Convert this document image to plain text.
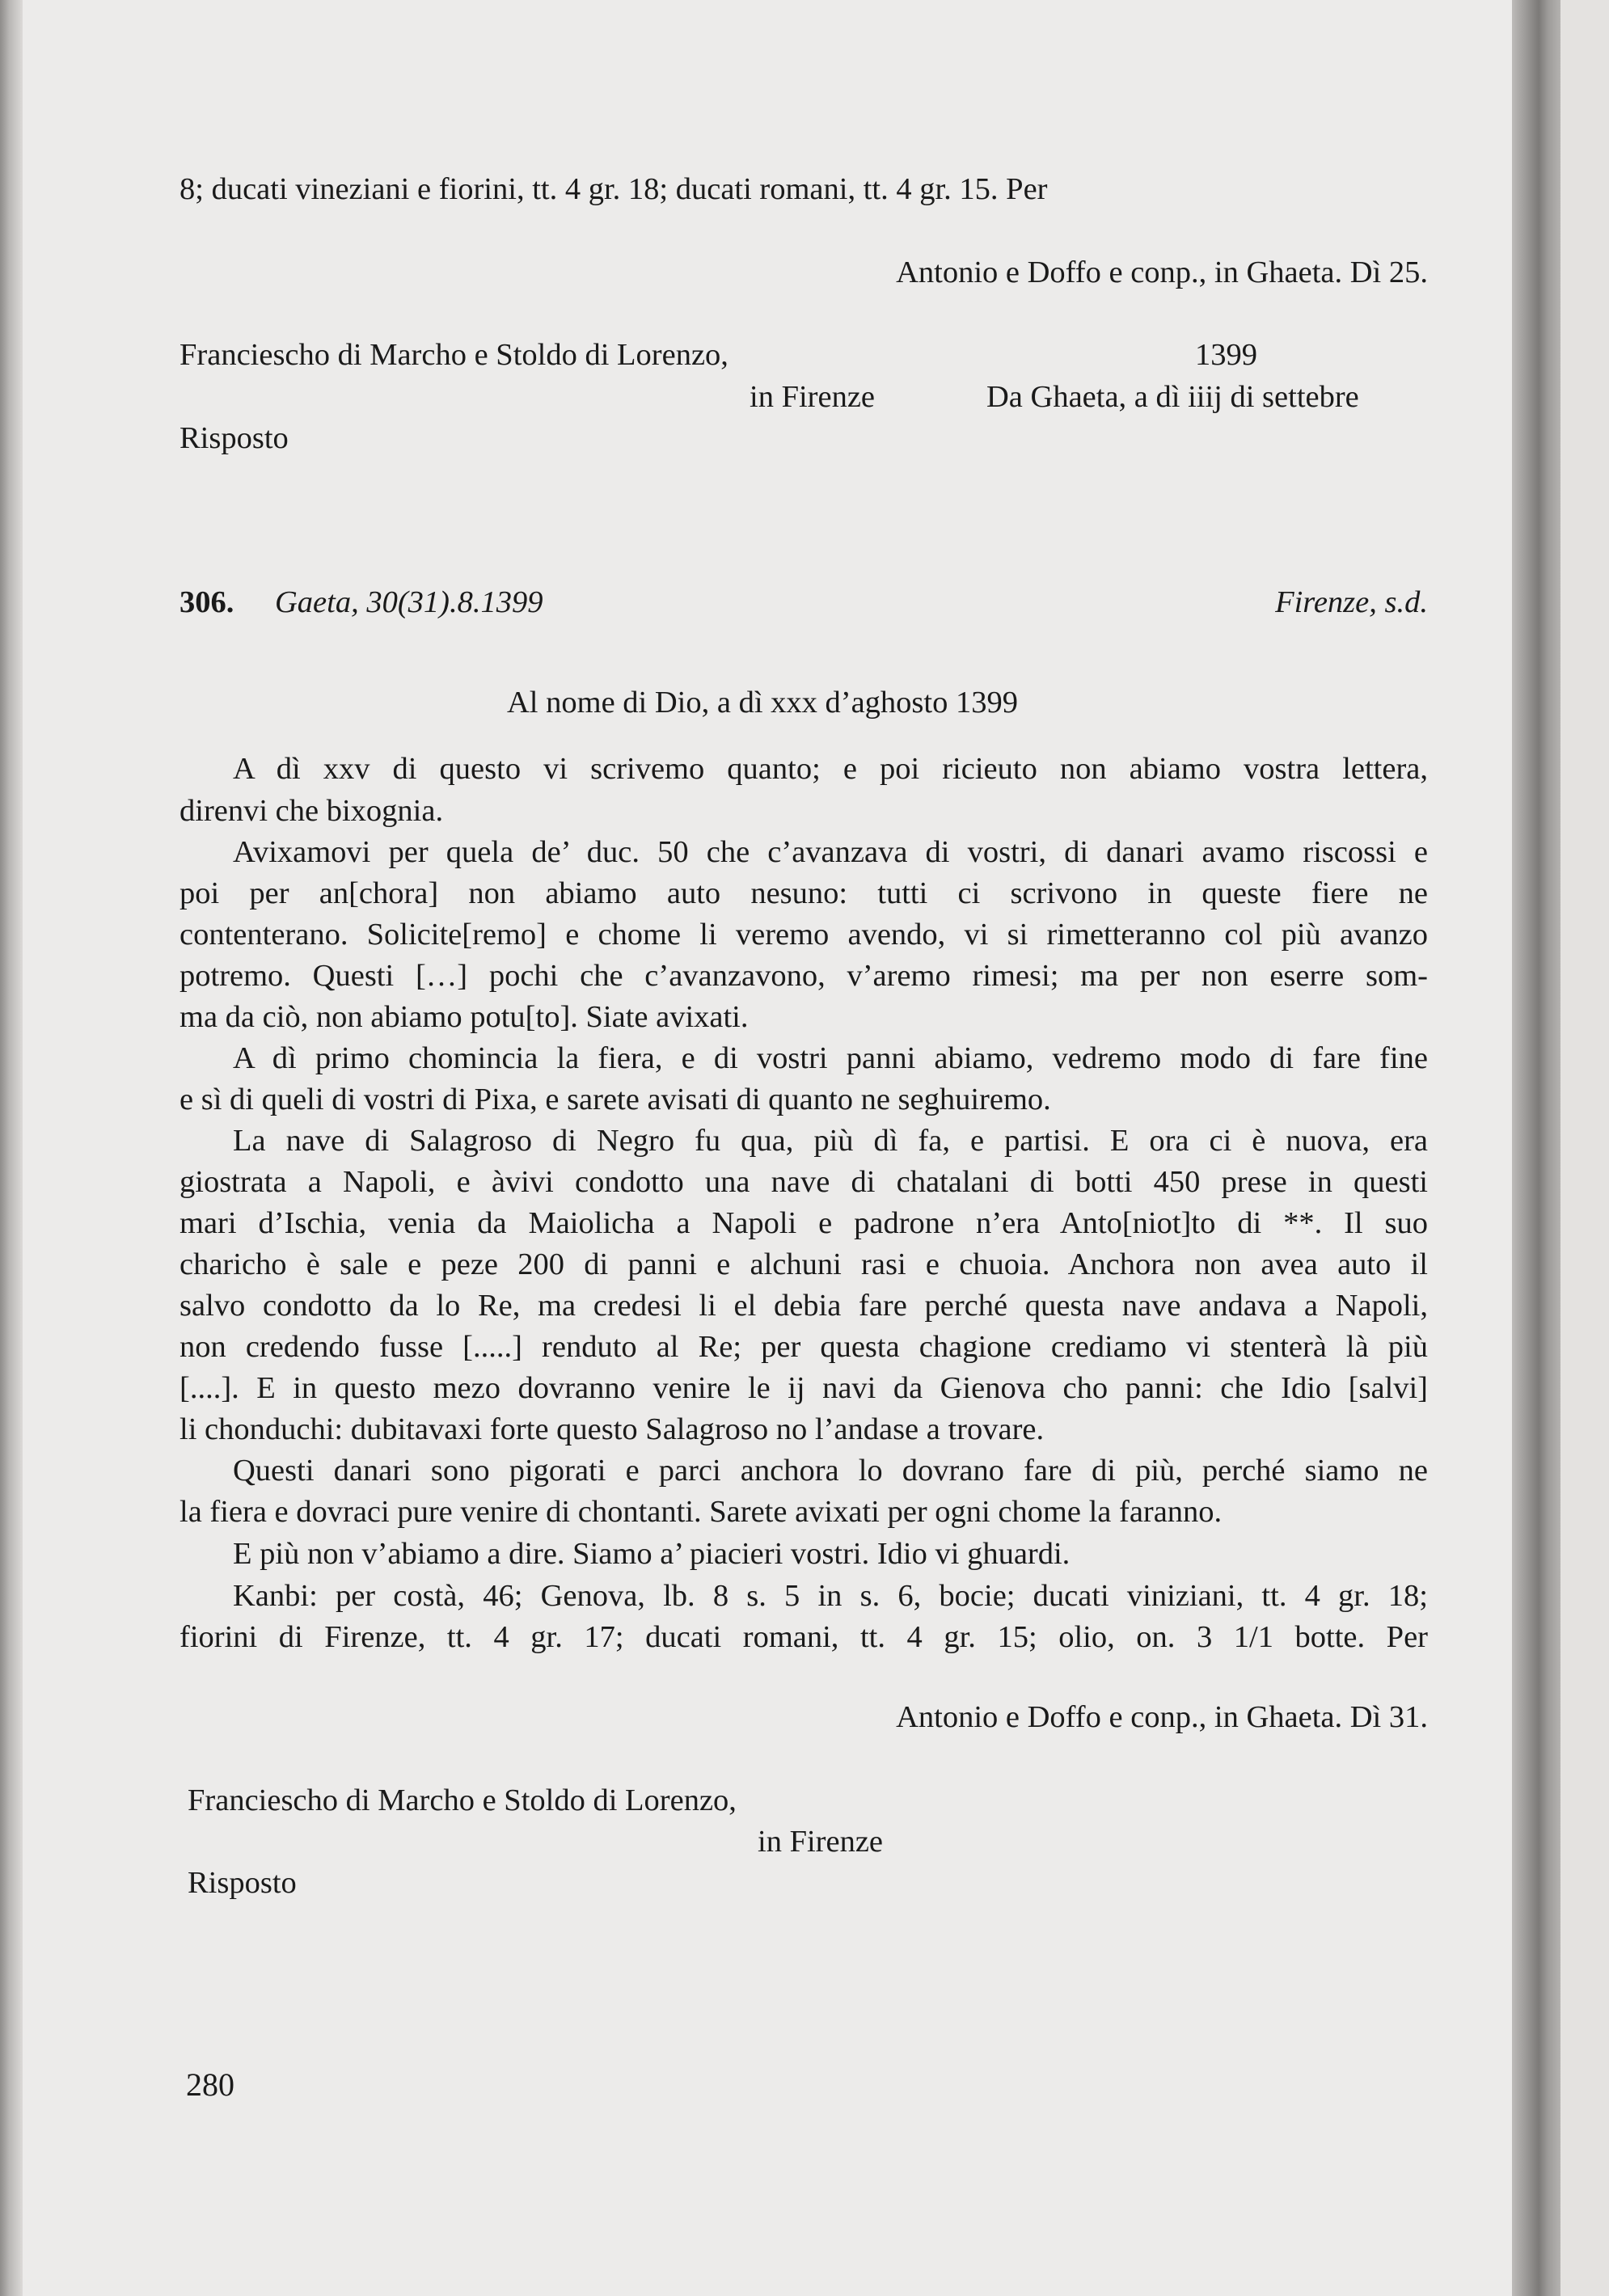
8; ducati vineziani e fiorini, tt. 4 gr. 18; ducati romani, tt. 4 gr. 15. Per
Antonio e Doffo e conp., in Ghaeta. Dì 25.
Franciescho di Marcho e Stoldo di Lorenzo,	1399
in Firenze	Da Ghaeta, a dì iiij di settebre
Risposto
306. Gaeta, 30(31).8.1399	Firenze, s.d.
Al nome di Dio, a dì xxx d’aghosto 1399
A dì xxv di questo vi scrivemo quanto; e poi ricieuto non abiamo vostra lettera,
direnvi che bixognia.
Avixamovi per quela de’ duc. 50 che c’avanzava di vostri, di danari avamo riscossi e
poi per an[chora] non abiamo auto nesuno: tutti ci scrivono in queste fiere ne
contenteranо. Solicite[remo] e chome li veremo avendo, vi si rimetteranno col più avanzo
potremo. Questi […] pochi che c’avanzavono, v’aremo rimesi; ma per non eserre som-
ma da ciò, non abiamo potu[to]. Siate avixati.
A dì primo chomincia la fiera, e di vostri panni abiamo, vedremo modo di fare fine
e sì di queli di vostri di Pixa, e sarete avisati di quanto ne seghuiremo.
La nave di Salagroso di Negro fu qua, più dì fa, e partisi. E ora ci è nuova, era
giostrata a Napoli, e àvivi condotto una nave di chatalani di botti 450 prese in questi
mari d’Ischia, venia da Maiolicha a Napoli e padrone n’era Anto[niot]to di **. Il suo
charicho è sale e peze 200 di panni e alchuni rasi e chuoia. Anchora non avea auto il
salvo condotto da lo Re, ma credesi li el debia fare perché questa nave andava a Napoli,
non credendo fusse [.....] renduto al Re; per questa chagione crediamo vi stenterà là più
[....]. E in questo mezo dovranno venire le ij navi da Gienova cho panni: che Idio [salvi]
li chonduchi: dubitavaxi forte questo Salagroso no l’andase a trovare.
Questi danari sono pigorati e parci anchora lo dovrano fare di più, perché siamo ne
la fiera e dovraci pure venire di chontanti. Sarete avixati per ogni chome la faranno.
E più non v’abiamo a dire. Siamo a’ piacieri vostri. Idio vi ghuardi.
Kanbi: per costà, 46; Genova, lb. 8 s. 5 in s. 6, bocie; ducati viniziani, tt. 4 gr. 18;
fiorini di Firenze, tt. 4 gr. 17; ducati romani, tt. 4 gr. 15; olio, on. 3 1/1 botte. Per
Antonio e Doffo e conp., in Ghaeta. Dì 31.
Franciescho di Marcho e Stoldo di Lorenzo,
in Firenze
Risposto
280
